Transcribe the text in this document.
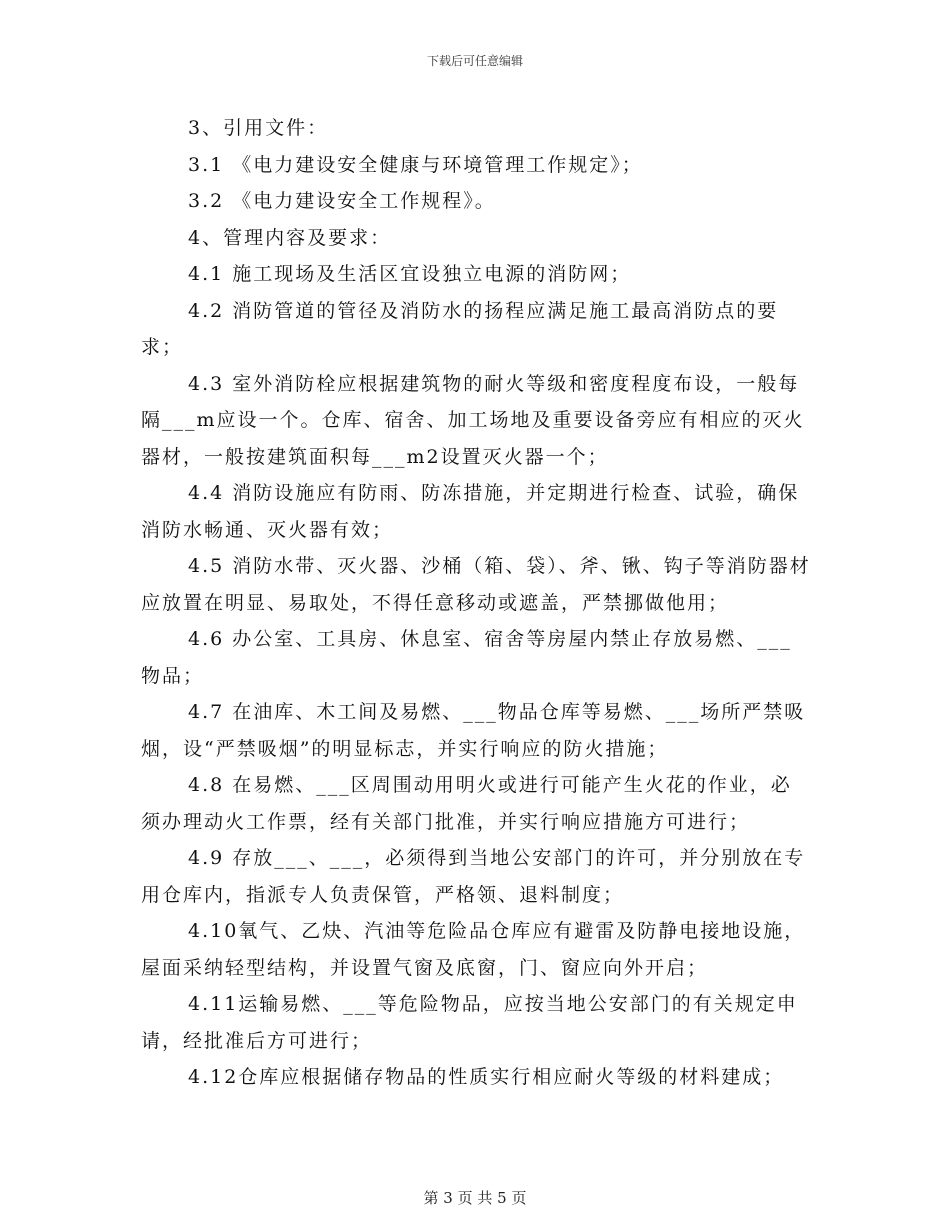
下载后可任意编辑

3、引用文件：

3.1 《电力建设安全健康与环境管理工作规定》；

3.2 《电力建设安全工作规程》。

4、管理内容及要求：

4.1 施工现场及生活区宜设独立电源的消防网；

4.2 消防管道的管径及消防水的扬程应满足施工最高消防点的要求；

4.3 室外消防栓应根据建筑物的耐火等级和密度程度布设，一般每隔___m应设一个。仓库、宿舍、加工场地及重要设备旁应有相应的灭火器材，一般按建筑面积每___m2设置灭火器一个；

4.4 消防设施应有防雨、防冻措施，并定期进行检查、试验，确保消防水畅通、灭火器有效；

4.5 消防水带、灭火器、沙桶（箱、袋）、斧、锹、钩子等消防器材应放置在明显、易取处，不得任意移动或遮盖，严禁挪做他用；

4.6 办公室、工具房、休息室、宿舍等房屋内禁止存放易燃、___物品；

4.7 在油库、木工间及易燃、___物品仓库等易燃、___场所严禁吸烟，设“严禁吸烟”的明显标志，并实行响应的防火措施；

4.8 在易燃、___区周围动用明火或进行可能产生火花的作业，必须办理动火工作票，经有关部门批准，并实行响应措施方可进行；

4.9 存放___、___，必须得到当地公安部门的许可，并分别放在专用仓库内，指派专人负责保管，严格领、退料制度；

4.10氧气、乙炔、汽油等危险品仓库应有避雷及防静电接地设施，屋面采纳轻型结构，并设置气窗及底窗，门、窗应向外开启；

4.11运输易燃、___等危险物品，应按当地公安部门的有关规定申请，经批准后方可进行；

4.12仓库应根据储存物品的性质实行相应耐火等级的材料建成；

第 3 页 共 5 页
